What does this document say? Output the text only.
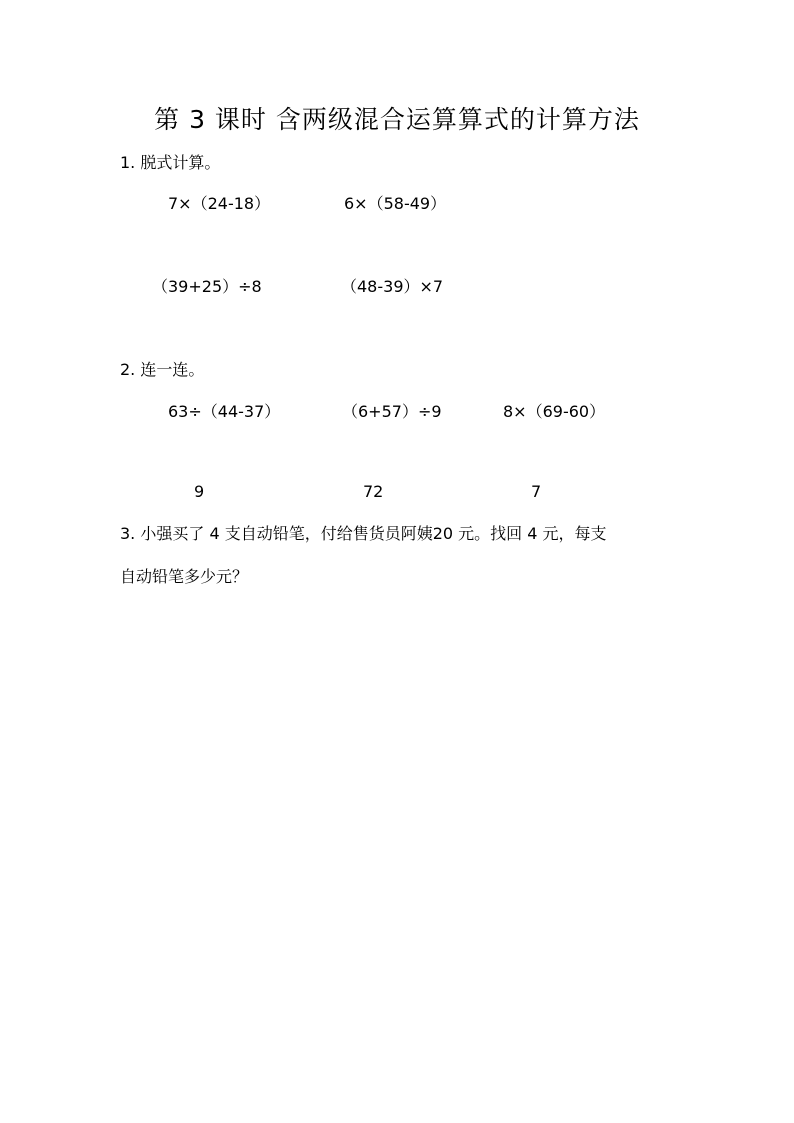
第 3 课时 含两级混合运算算式的计算方法
1. 脱式计算。
7×（24-18）	6×（58-49）
（39+25）÷8	（48-39）×7
2. 连一连。
63÷（44-37）	（6+57）÷9	8×（69-60）
9	72	7
3. 小强买了 4 支自动铅笔，付给售货员阿姨20 元。找回 4 元，每支
自动铅笔多少元？
